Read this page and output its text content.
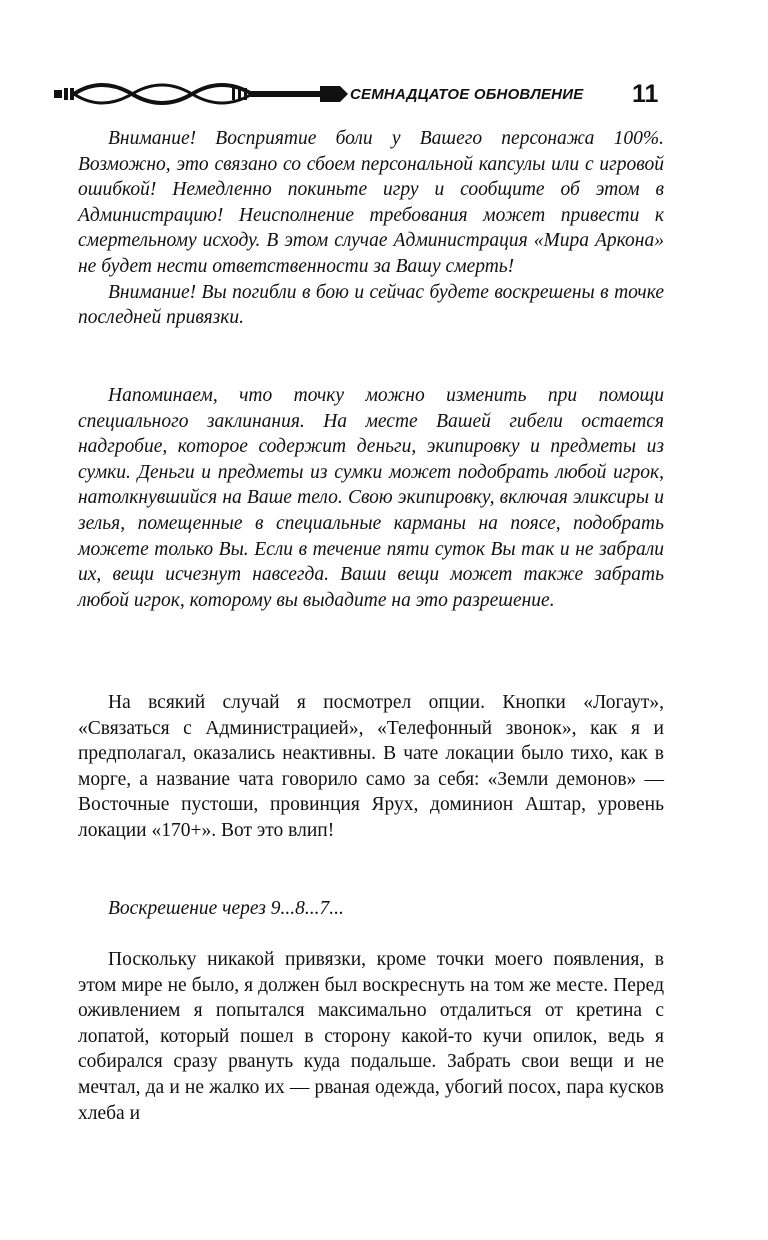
СЕМНАДЦАТОЕ ОБНОВЛЕНИЕ 11

Внимание! Восприятие боли у Вашего персонажа 100%. Возможно, это связано со сбоем персональной капсулы или с игровой ошибкой! Немедленно покиньте игру и сообщите об этом в Администрацию! Неисполнение требования может привести к смертельному исходу. В этом случае Администрация «Мира Аркона» не будет нести ответственности за Вашу смерть!

Внимание! Вы погибли в бою и сейчас будете воскрешены в точке последней привязки.

Напоминаем, что точку можно изменить при помощи специального заклинания. На месте Вашей гибели остается надгробие, которое содержит деньги, экипировку и предметы из сумки. Деньги и предметы из сумки может подобрать любой игрок, натолкнувшийся на Ваше тело. Свою экипировку, включая эликсиры и зелья, помещенные в специальные карманы на поясе, подобрать можете только Вы. Если в течение пяти суток Вы так и не забрали их, вещи исчезнут навсегда. Ваши вещи может также забрать любой игрок, которому вы выдадите на это разрешение.

На всякий случай я посмотрел опции. Кнопки «Логаут», «Связаться с Администрацией», «Телефонный звонок», как я и предполагал, оказались неактивны. В чате локации было тихо, как в морге, а название чата говорило само за себя: «Земли демонов» — Восточные пустоши, провинция Ярух, доминион Аштар, уровень локации «170+». Вот это влип!

Воскрешение через 9...8...7...

Поскольку никакой привязки, кроме точки моего появления, в этом мире не было, я должен был воскреснуть на том же месте. Перед оживлением я попытался максимально отдалиться от кретина с лопатой, который пошел в сторону какой-то кучи опилок, ведь я собирался сразу рвануть куда подальше. Забрать свои вещи и не мечтал, да и не жалко их — рваная одежда, убогий посох, пара кусков хлеба и
